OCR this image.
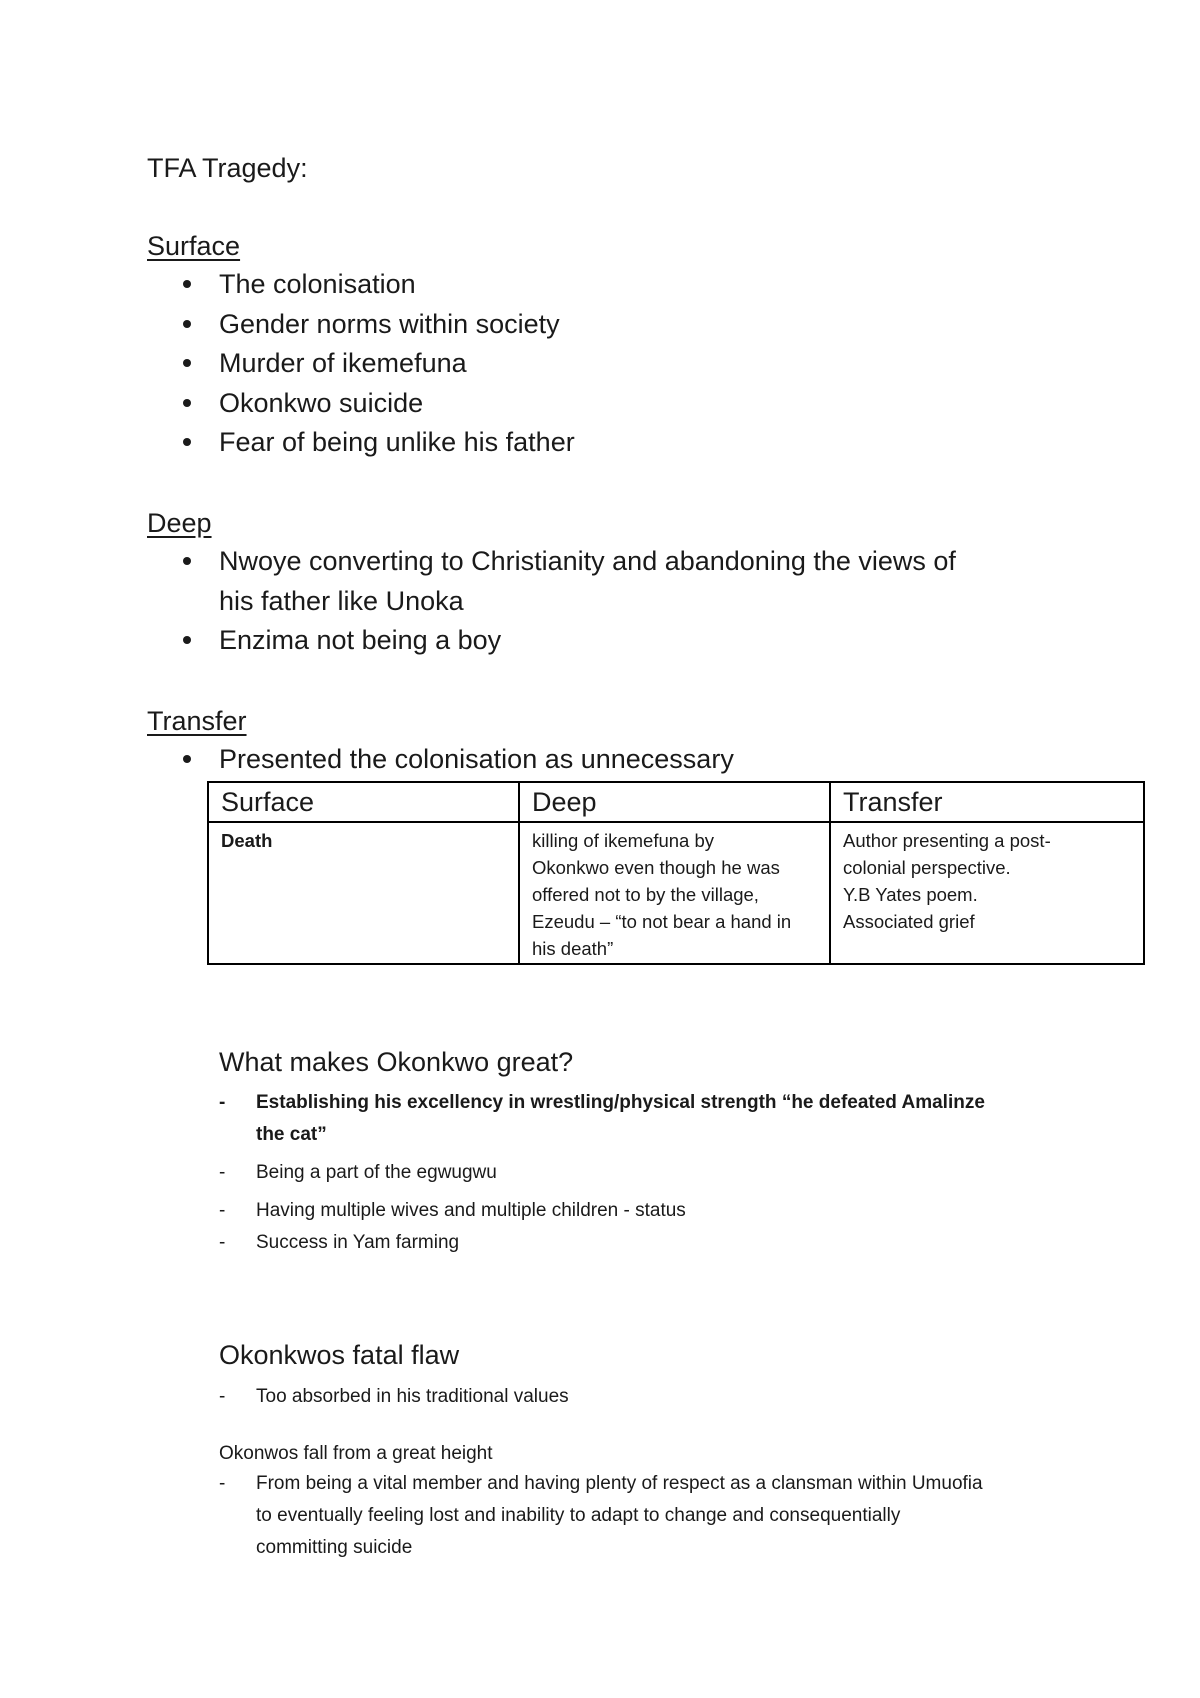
TFA Tragedy:
Surface
The colonisation
Gender norms within society
Murder of ikemefuna
Okonkwo suicide
Fear of being unlike his father
Deep
Nwoye converting to Christianity and abandoning the views of
his father like Unoka
Enzima not being a boy
Transfer
Presented the colonisation as unnecessary
Surface	Deep	Transfer
Death	killing of ikemefuna by
Okonkwo even though he was
offered not to by the village,
Ezeudu – “to not bear a hand in
his death”	Author presenting a post-
colonial perspective.
Y.B Yates poem.
Associated grief
What makes Okonkwo great?
- Establishing his excellency in wrestling/physical strength “he defeated Amalinze
the cat”
- Being a part of the egwugwu
- Having multiple wives and multiple children - status
- Success in Yam farming
Okonkwos fatal flaw
- Too absorbed in his traditional values
Okonwos fall from a great height
- From being a vital member and having plenty of respect as a clansman within Umuofia
to eventually feeling lost and inability to adapt to change and consequentially
committing suicide
